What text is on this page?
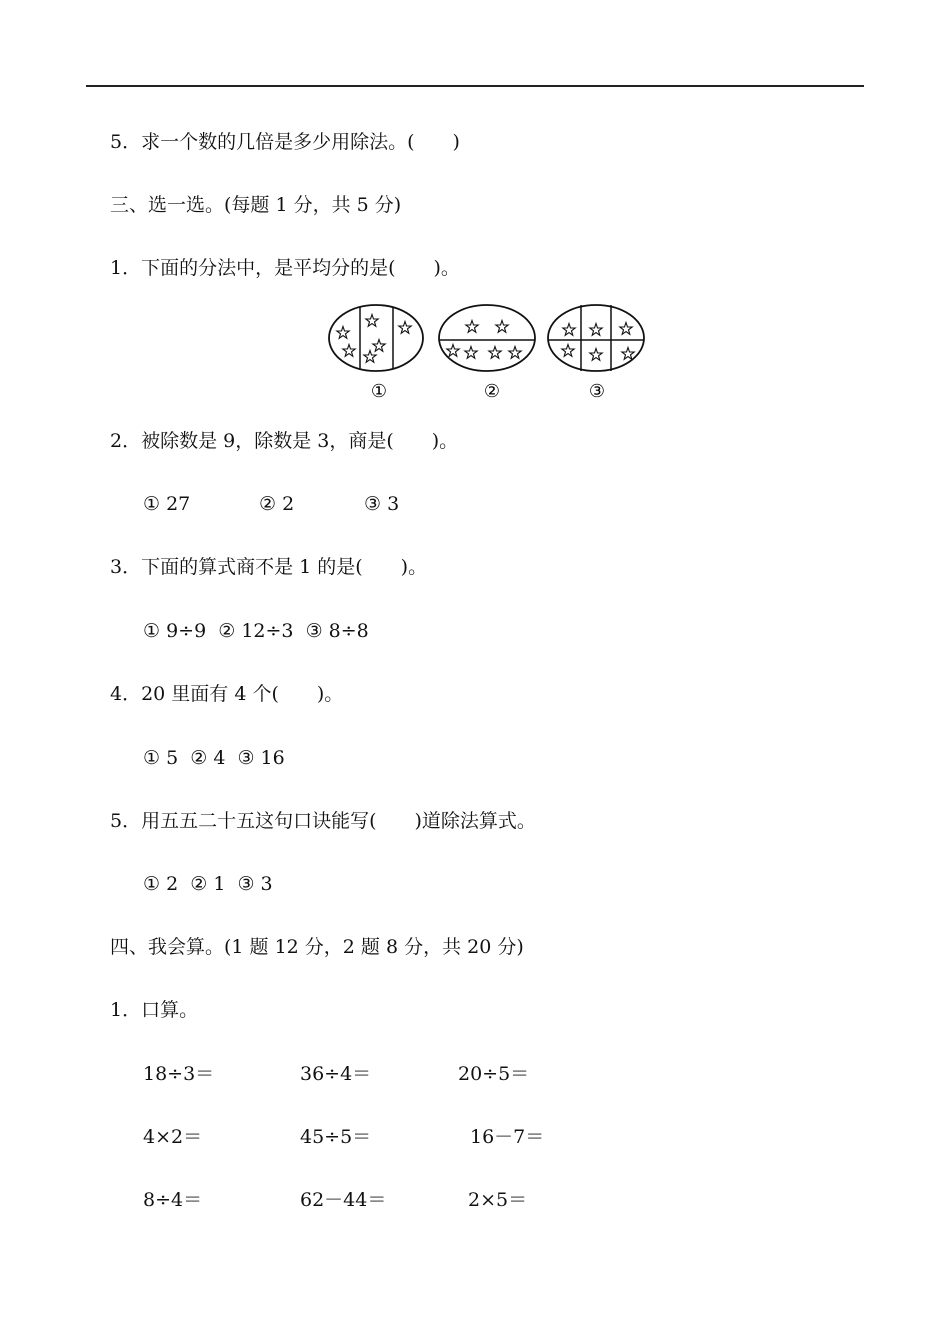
5．求一个数的几倍是多少用除法。(　　)
三、选一选。(每题 1 分，共 5 分)
1．下面的分法中，是平均分的是(　　)。
①	②	③
2．被除数是 9，除数是 3，商是(　　)。
① 27	② 2	③ 3
3．下面的算式商不是 1 的是(　　)。
① 9÷9  ② 12÷3  ③ 8÷8
4．20 里面有 4 个(　　)。
① 5  ② 4  ③ 16
5．用五五二十五这句口诀能写(　　)道除法算式。
① 2  ② 1  ③ 3
四、我会算。(1 题 12 分，2 题 8 分，共 20 分)
1．口算。
18÷3＝	36÷4＝	20÷5＝
4×2＝	45÷5＝	16－7＝
8÷4＝	62－44＝	2×5＝
